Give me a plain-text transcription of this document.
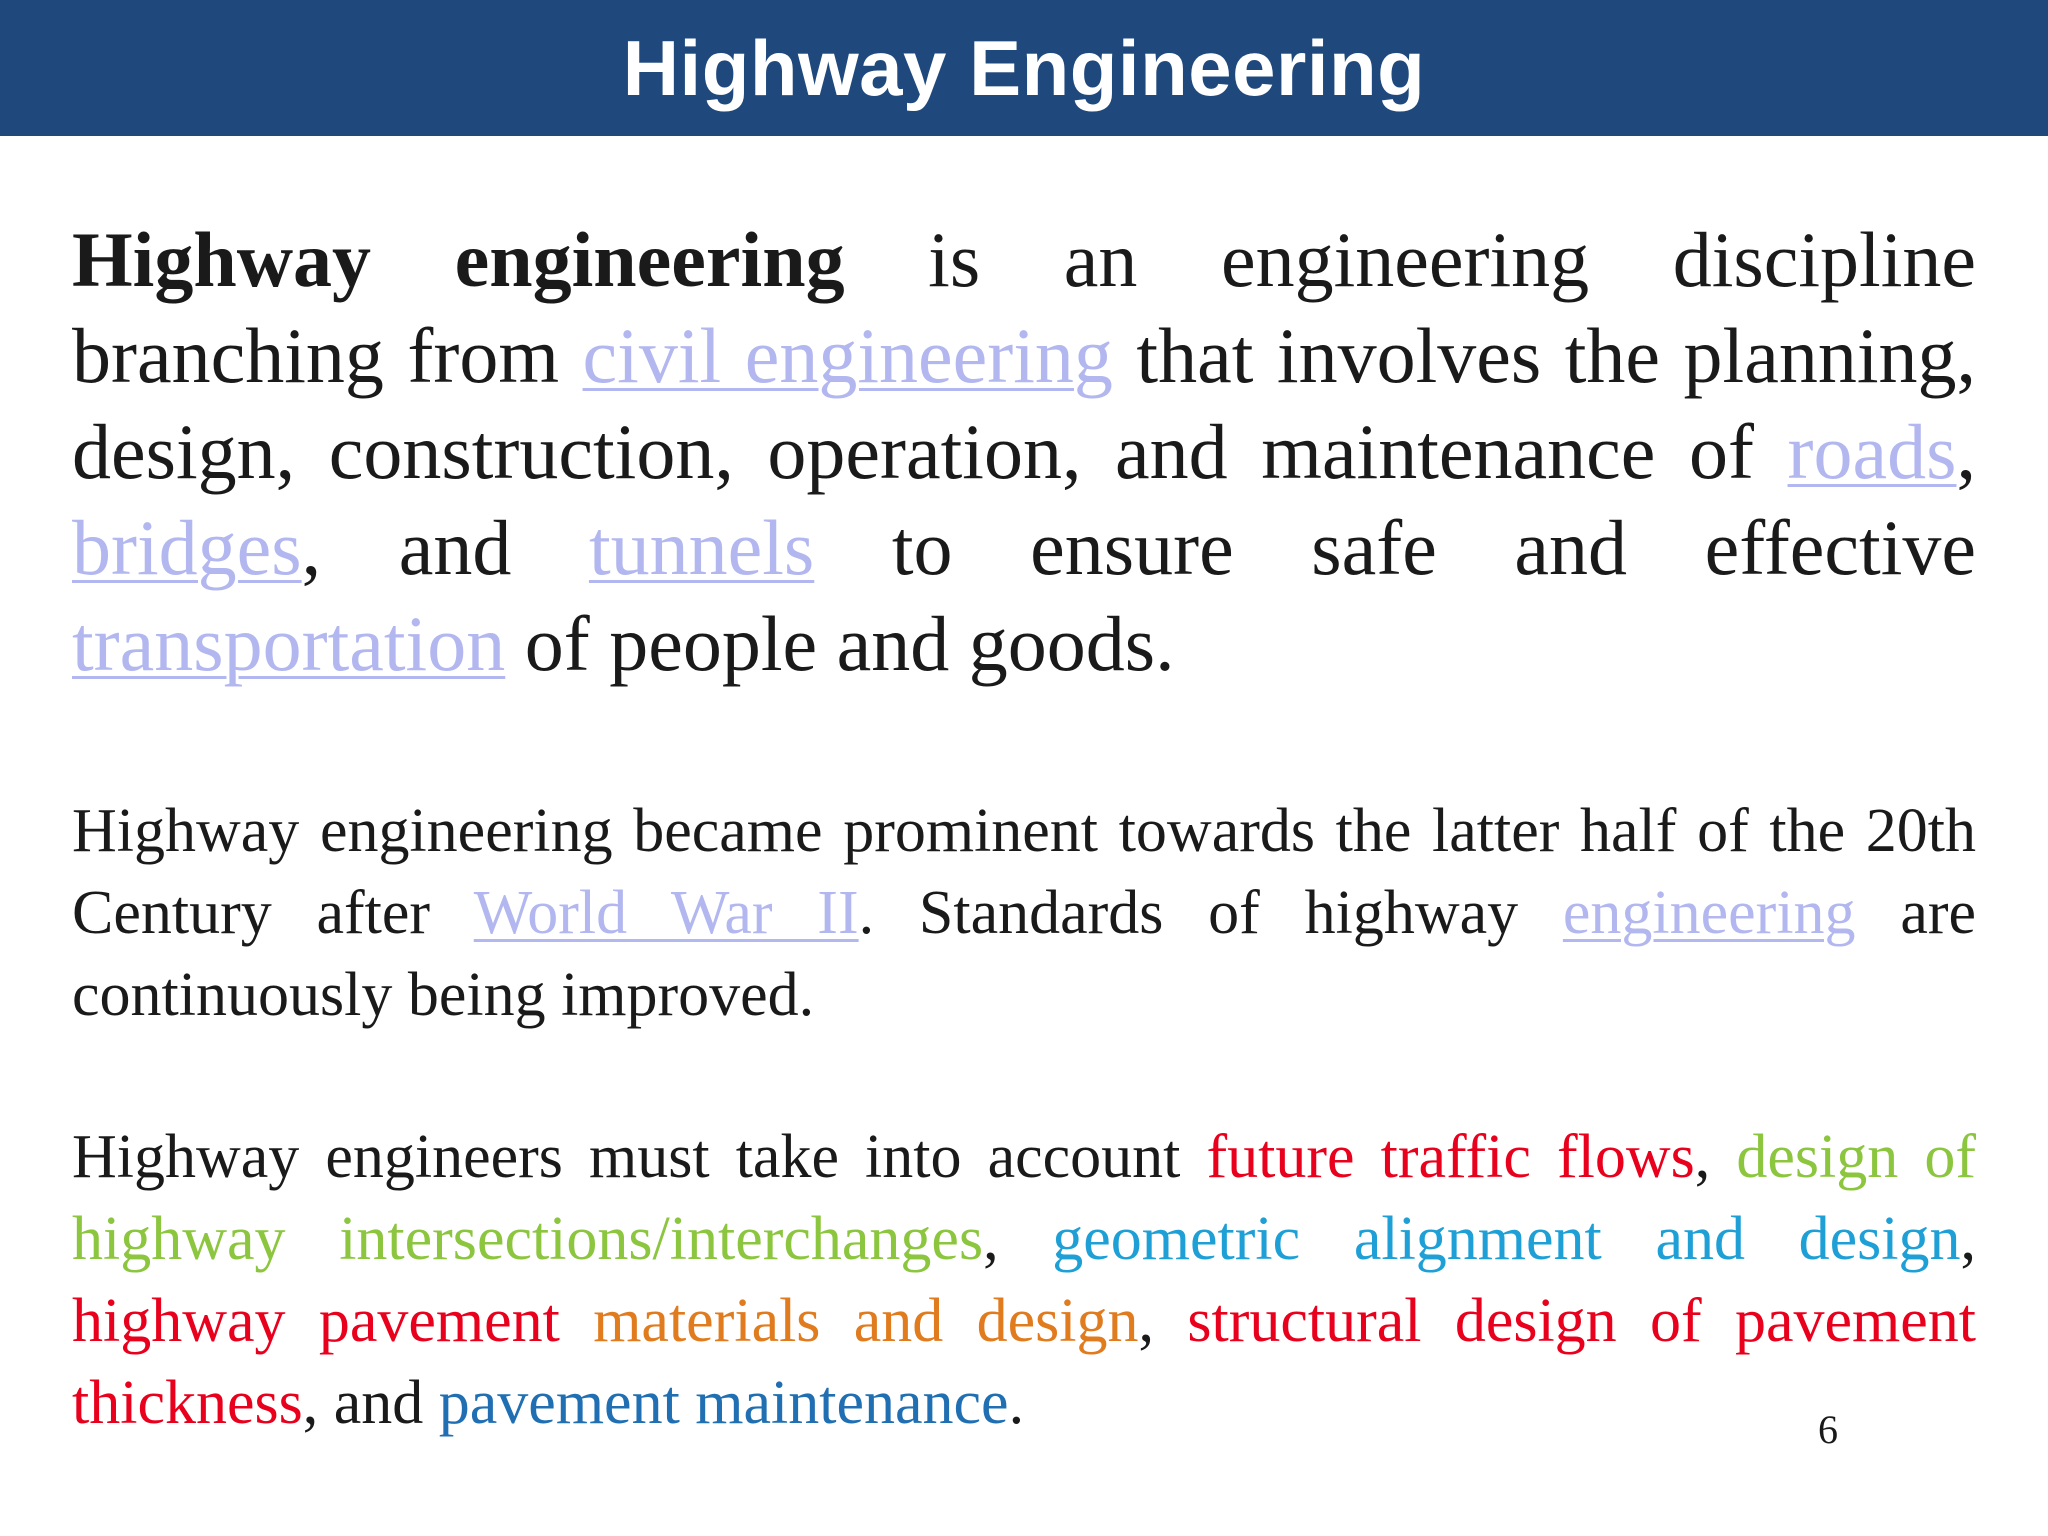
Highway Engineering

Highway engineering is an engineering discipline branching from civil engineering that involves the planning, design, construction, operation, and maintenance of roads, bridges, and tunnels to ensure safe and effective transportation of people and goods.

Highway engineering became prominent towards the latter half of the 20th Century after World War II. Standards of highway engineering are continuously being improved.

Highway engineers must take into account future traffic flows, design of highway intersections/interchanges, geometric alignment and design, highway pavement materials and design, structural design of pavement thickness, and pavement maintenance.	6
